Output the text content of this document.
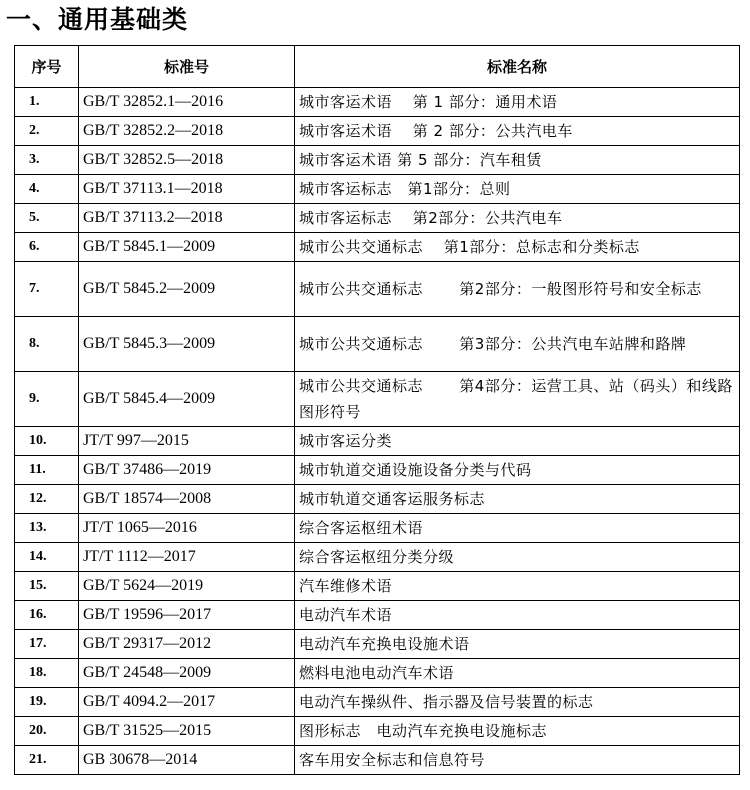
一、通用基础类
序号	标准号	标准名称
1.	GB/T 32852.1—2016	城市客运术语　 第 1 部分：通用术语
2.	GB/T 32852.2—2018	城市客运术语　 第 2 部分：公共汽电车
3.	GB/T 32852.5—2018	城市客运术语 第 5 部分：汽车租赁
4.	GB/T 37113.1—2018	城市客运标志　第1部分：总则
5.	GB/T 37113.2—2018	城市客运标志　 第2部分：公共汽电车
6.	GB/T 5845.1—2009	城市公共交通标志　 第1部分：总标志和分类标志
7.	GB/T 5845.2—2009	城市公共交通标志　　 第2部分：一般图形符号和安全标志
8.	GB/T 5845.3—2009	城市公共交通标志　　 第3部分：公共汽电车站牌和路牌
9.	GB/T 5845.4—2009	城市公共交通标志　　 第4部分：运营工具、站（码头）和线路图形符号
10.	JT/T 997—2015	城市客运分类
11.	GB/T 37486—2019	城市轨道交通设施设备分类与代码
12.	GB/T 18574—2008	城市轨道交通客运服务标志
13.	JT/T 1065—2016	综合客运枢纽术语
14.	JT/T 1112—2017	综合客运枢纽分类分级
15.	GB/T 5624—2019	汽车维修术语
16.	GB/T 19596—2017	电动汽车术语
17.	GB/T 29317—2012	电动汽车充换电设施术语
18.	GB/T 24548—2009	燃料电池电动汽车术语
19.	GB/T 4094.2—2017	电动汽车操纵件、指示器及信号装置的标志
20.	GB/T 31525—2015	图形标志　电动汽车充换电设施标志
21.	GB 30678—2014	客车用安全标志和信息符号
